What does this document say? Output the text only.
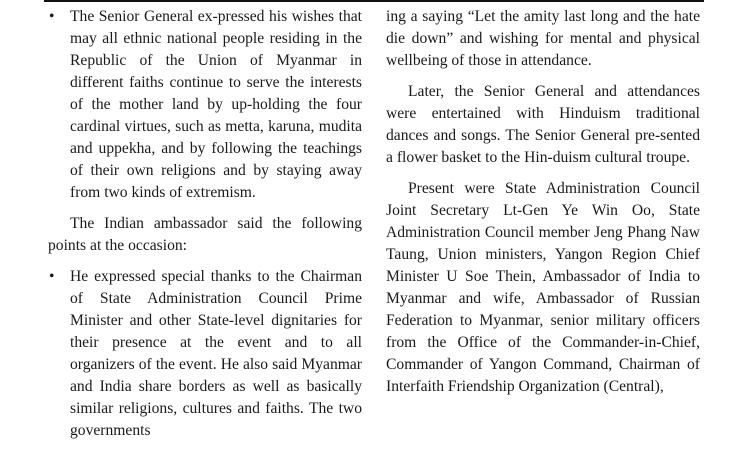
• The Senior General ex-pressed his wishes that may all ethnic national people residing in the Republic of the Union of Myanmar in different faiths continue to serve the interests of the mother land by up-holding the four cardinal virtues, such as metta, karuna, mudita and uppekha, and by following the teachings of their own religions and by staying away from two kinds of extremism.

The Indian ambassador said the following points at the occasion:

• He expressed special thanks to the Chairman of State Administration Council Prime Minister and other State-level dignitaries for their presence at the event and to all organizers of the event. He also said Myanmar and India share borders as well as basically similar religions, cultures and faiths. The two governments

ing a saying “Let the amity last long and the hate die down” and wishing for mental and physical wellbeing of those in attendance.

Later, the Senior General and attendances were entertained with Hinduism traditional dances and songs. The Senior General pre-sented a flower basket to the Hin-duism cultural troupe.

Present were State Administration Council Joint Secretary Lt-Gen Ye Win Oo, State Administration Council member Jeng Phang Naw Taung, Union ministers, Yangon Region Chief Minister U Soe Thein, Ambassador of India to Myanmar and wife, Ambassador of Russian Federation to Myanmar, senior military officers from the Office of the Commander-in-Chief, Commander of Yangon Command, Chairman of Interfaith Friendship Organization (Central),
